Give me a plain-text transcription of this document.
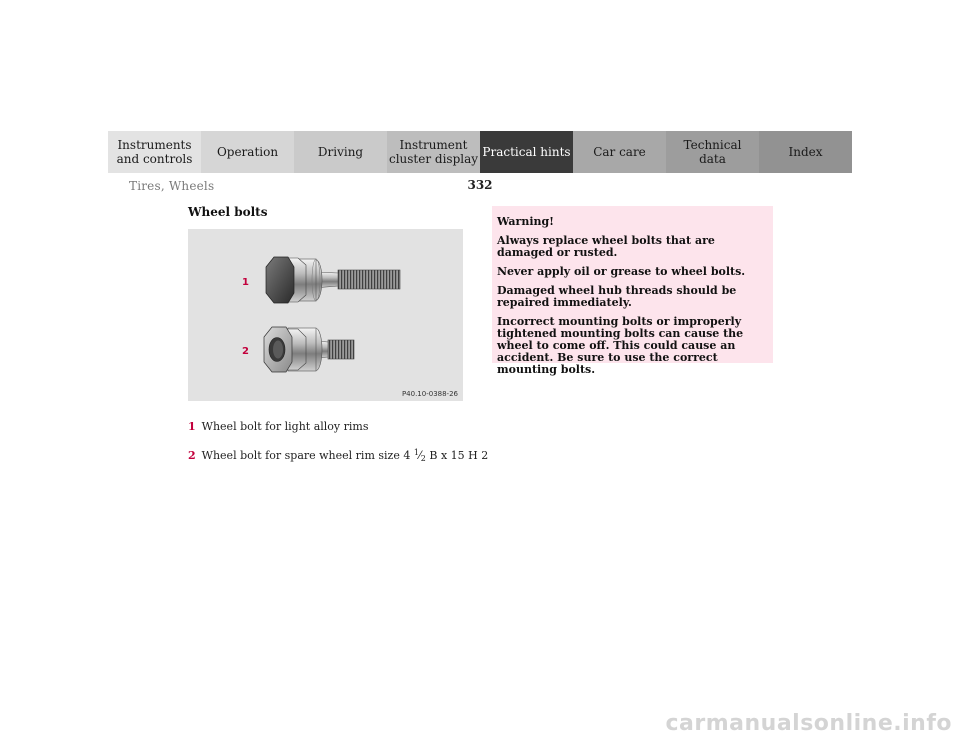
Instruments
and controls	Operation	Driving	Instrument
cluster display Practical hints	Car care	Technical
data	Index
Tires, Wheels	332
Wheel bolts
1
2
P40.10-0388-26
1 Wheel bolt for light alloy rims
2 Wheel bolt for spare wheel rim size 4 $^1⁄_2$ B x 15 H 2
Warning!
Always replace wheel bolts that are damaged or rusted.
Never apply oil or grease to wheel bolts.
Damaged wheel hub threads should be repaired immediately.
Incorrect mounting bolts or improperly tightened mounting bolts can cause the wheel to come off. This could cause an accident. Be sure to use the correct mounting bolts.
carmanualsonline.info
